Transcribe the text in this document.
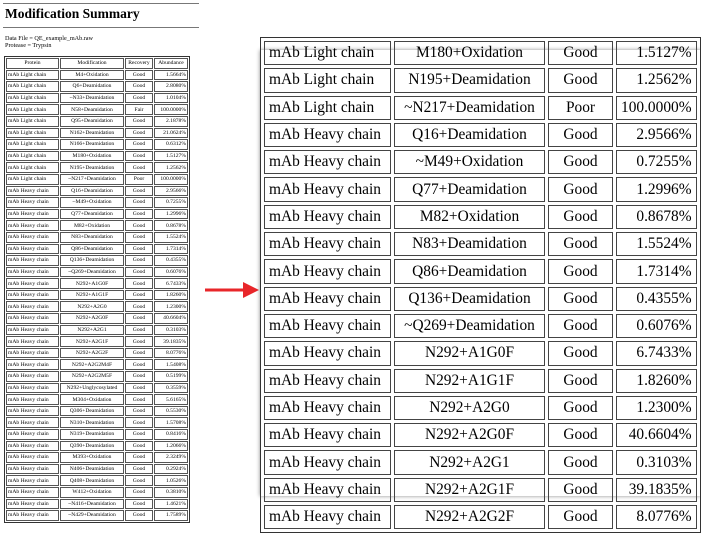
Modification Summary
Data File = QE_example_mAb.raw
Protease = Trypsin
Protein	Modification	Recovery	Abundance
mAb Light chain	M4+Oxidation	Good	1.5664%
mAb Light chain	Q6+Deamidation	Good	2.8080%
mAb Light chain	~N33+Deamidation	Good	1.0104%
mAb Light chain	N58+Deamidation	Fair	100.0000%
mAb Light chain	Q95+Deamidation	Good	2.1878%
mAb Light chain	N162+Deamidation	Good	21.0624%
mAb Light chain	N166+Deamidation	Good	0.6312%
mAb Light chain	M180+Oxidation	Good	1.5127%
mAb Light chain	N195+Deamidation	Good	1.2562%
mAb Light chain	~N217+Deamidation	Poor	100.0000%
mAb Heavy chain	Q16+Deamidation	Good	2.9566%
mAb Heavy chain	~M49+Oxidation	Good	0.7255%
mAb Heavy chain	Q77+Deamidation	Good	1.2996%
mAb Heavy chain	M82+Oxidation	Good	0.8678%
mAb Heavy chain	N83+Deamidation	Good	1.5524%
mAb Heavy chain	Q86+Deamidation	Good	1.7314%
mAb Heavy chain	Q136+Deamidation	Good	0.4355%
mAb Heavy chain	~Q269+Deamidation	Good	0.6076%
mAb Heavy chain	N292+A1G0F	Good	6.7433%
mAb Heavy chain	N292+A1G1F	Good	1.8260%
mAb Heavy chain	N292+A2G0	Good	1.2300%
mAb Heavy chain	N292+A2G0F	Good	40.6604%
mAb Heavy chain	N292+A2G1	Good	0.3103%
mAb Heavy chain	N292+A2G1F	Good	39.1835%
mAb Heavy chain	N292+A2G2F	Good	8.0776%
mAb Heavy chain	N292+A2G2M4F	Good	1.5408%
mAb Heavy chain	N292+A2G2M5F	Good	0.5199%
mAb Heavy chain	N292+Unglycosylated	Good	0.3559%
mAb Heavy chain	M304+Oxidation	Good	5.6165%
mAb Heavy chain	Q306+Deamidation	Good	0.5530%
mAb Heavy chain	N310+Deamidation	Good	1.5708%
mAb Heavy chain	N319+Deamidation	Good	0.8416%
mAb Heavy chain	Q390+Deamidation	Good	1.2066%
mAb Heavy chain	M393+Oxidation	Good	2.3249%
mAb Heavy chain	N406+Deamidation	Good	0.2924%
mAb Heavy chain	Q408+Deamidation	Good	1.0526%
mAb Heavy chain	W412+Oxidation	Good	0.3810%
mAb Heavy chain	~N416+Deamidation	Good	1.4621%
mAb Heavy chain	~N429+Deamidation	Good	1.7589%
mAb Light chain	M180+Oxidation	Good	1.5127%
mAb Light chain	N195+Deamidation	Good	1.2562%
mAb Light chain	~N217+Deamidation	Poor	100.0000%
mAb Heavy chain	Q16+Deamidation	Good	2.9566%
mAb Heavy chain	~M49+Oxidation	Good	0.7255%
mAb Heavy chain	Q77+Deamidation	Good	1.2996%
mAb Heavy chain	M82+Oxidation	Good	0.8678%
mAb Heavy chain	N83+Deamidation	Good	1.5524%
mAb Heavy chain	Q86+Deamidation	Good	1.7314%
mAb Heavy chain	Q136+Deamidation	Good	0.4355%
mAb Heavy chain	~Q269+Deamidation	Good	0.6076%
mAb Heavy chain	N292+A1G0F	Good	6.7433%
mAb Heavy chain	N292+A1G1F	Good	1.8260%
mAb Heavy chain	N292+A2G0	Good	1.2300%
mAb Heavy chain	N292+A2G0F	Good	40.6604%
mAb Heavy chain	N292+A2G1	Good	0.3103%
mAb Heavy chain	N292+A2G1F	Good	39.1835%
mAb Heavy chain	N292+A2G2F	Good	8.0776%
